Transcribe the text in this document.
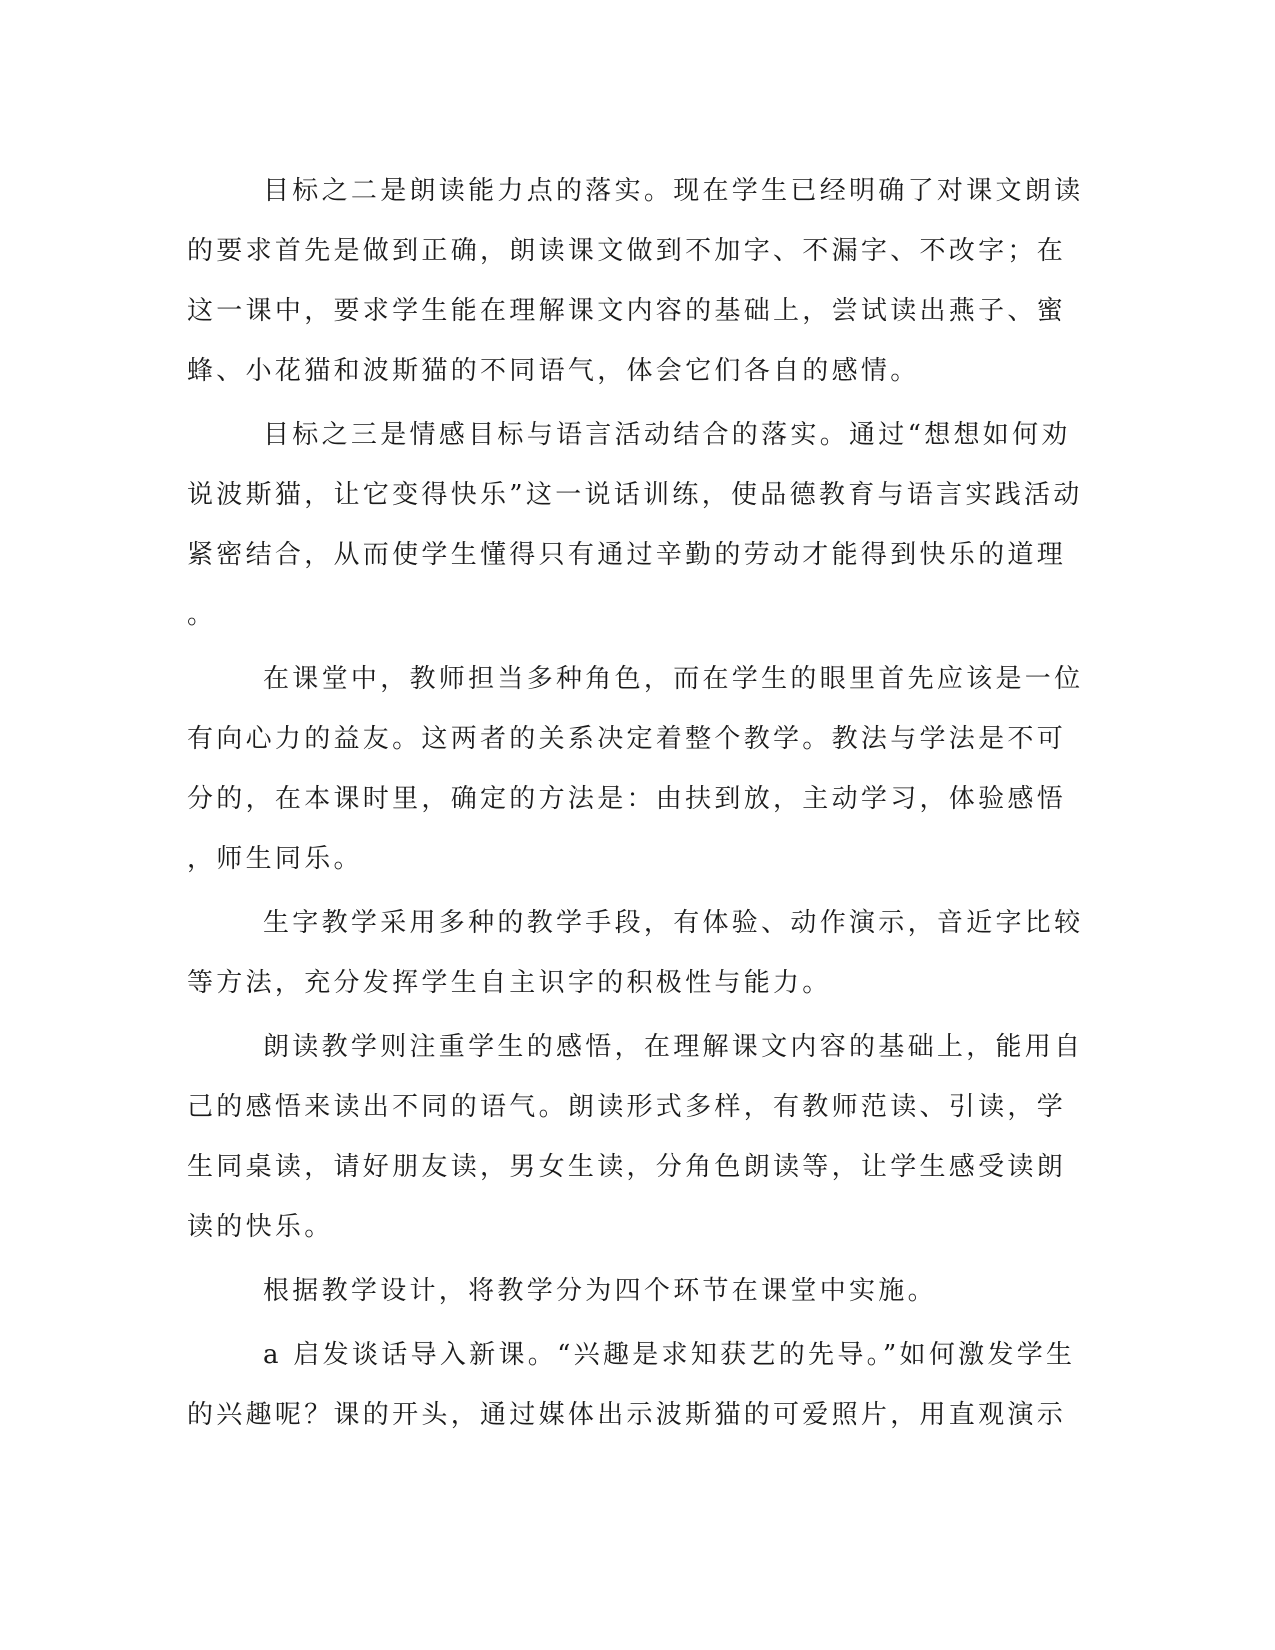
目标之二是朗读能力点的落实。现在学生已经明确了对课文朗读
的要求首先是做到正确，朗读课文做到不加字、不漏字、不改字；在
这一课中，要求学生能在理解课文内容的基础上，尝试读出燕子、蜜
蜂、小花猫和波斯猫的不同语气，体会它们各自的感情。
目标之三是情感目标与语言活动结合的落实。通过“想想如何劝
说波斯猫，让它变得快乐”这一说话训练，使品德教育与语言实践活动
紧密结合，从而使学生懂得只有通过辛勤的劳动才能得到快乐的道理
。
在课堂中，教师担当多种角色，而在学生的眼里首先应该是一位
有向心力的益友。这两者的关系决定着整个教学。教法与学法是不可
分的，在本课时里，确定的方法是：由扶到放，主动学习，体验感悟
，师生同乐。
生字教学采用多种的教学手段，有体验、动作演示，音近字比较
等方法，充分发挥学生自主识字的积极性与能力。
朗读教学则注重学生的感悟，在理解课文内容的基础上，能用自
己的感悟来读出不同的语气。朗读形式多样，有教师范读、引读，学
生同桌读，请好朋友读，男女生读，分角色朗读等，让学生感受读朗
读的快乐。
根据教学设计，将教学分为四个环节在课堂中实施。
a 启发谈话导入新课。“兴趣是求知获艺的先导。”如何激发学生
的兴趣呢？课的开头，通过媒体出示波斯猫的可爱照片，用直观演示
